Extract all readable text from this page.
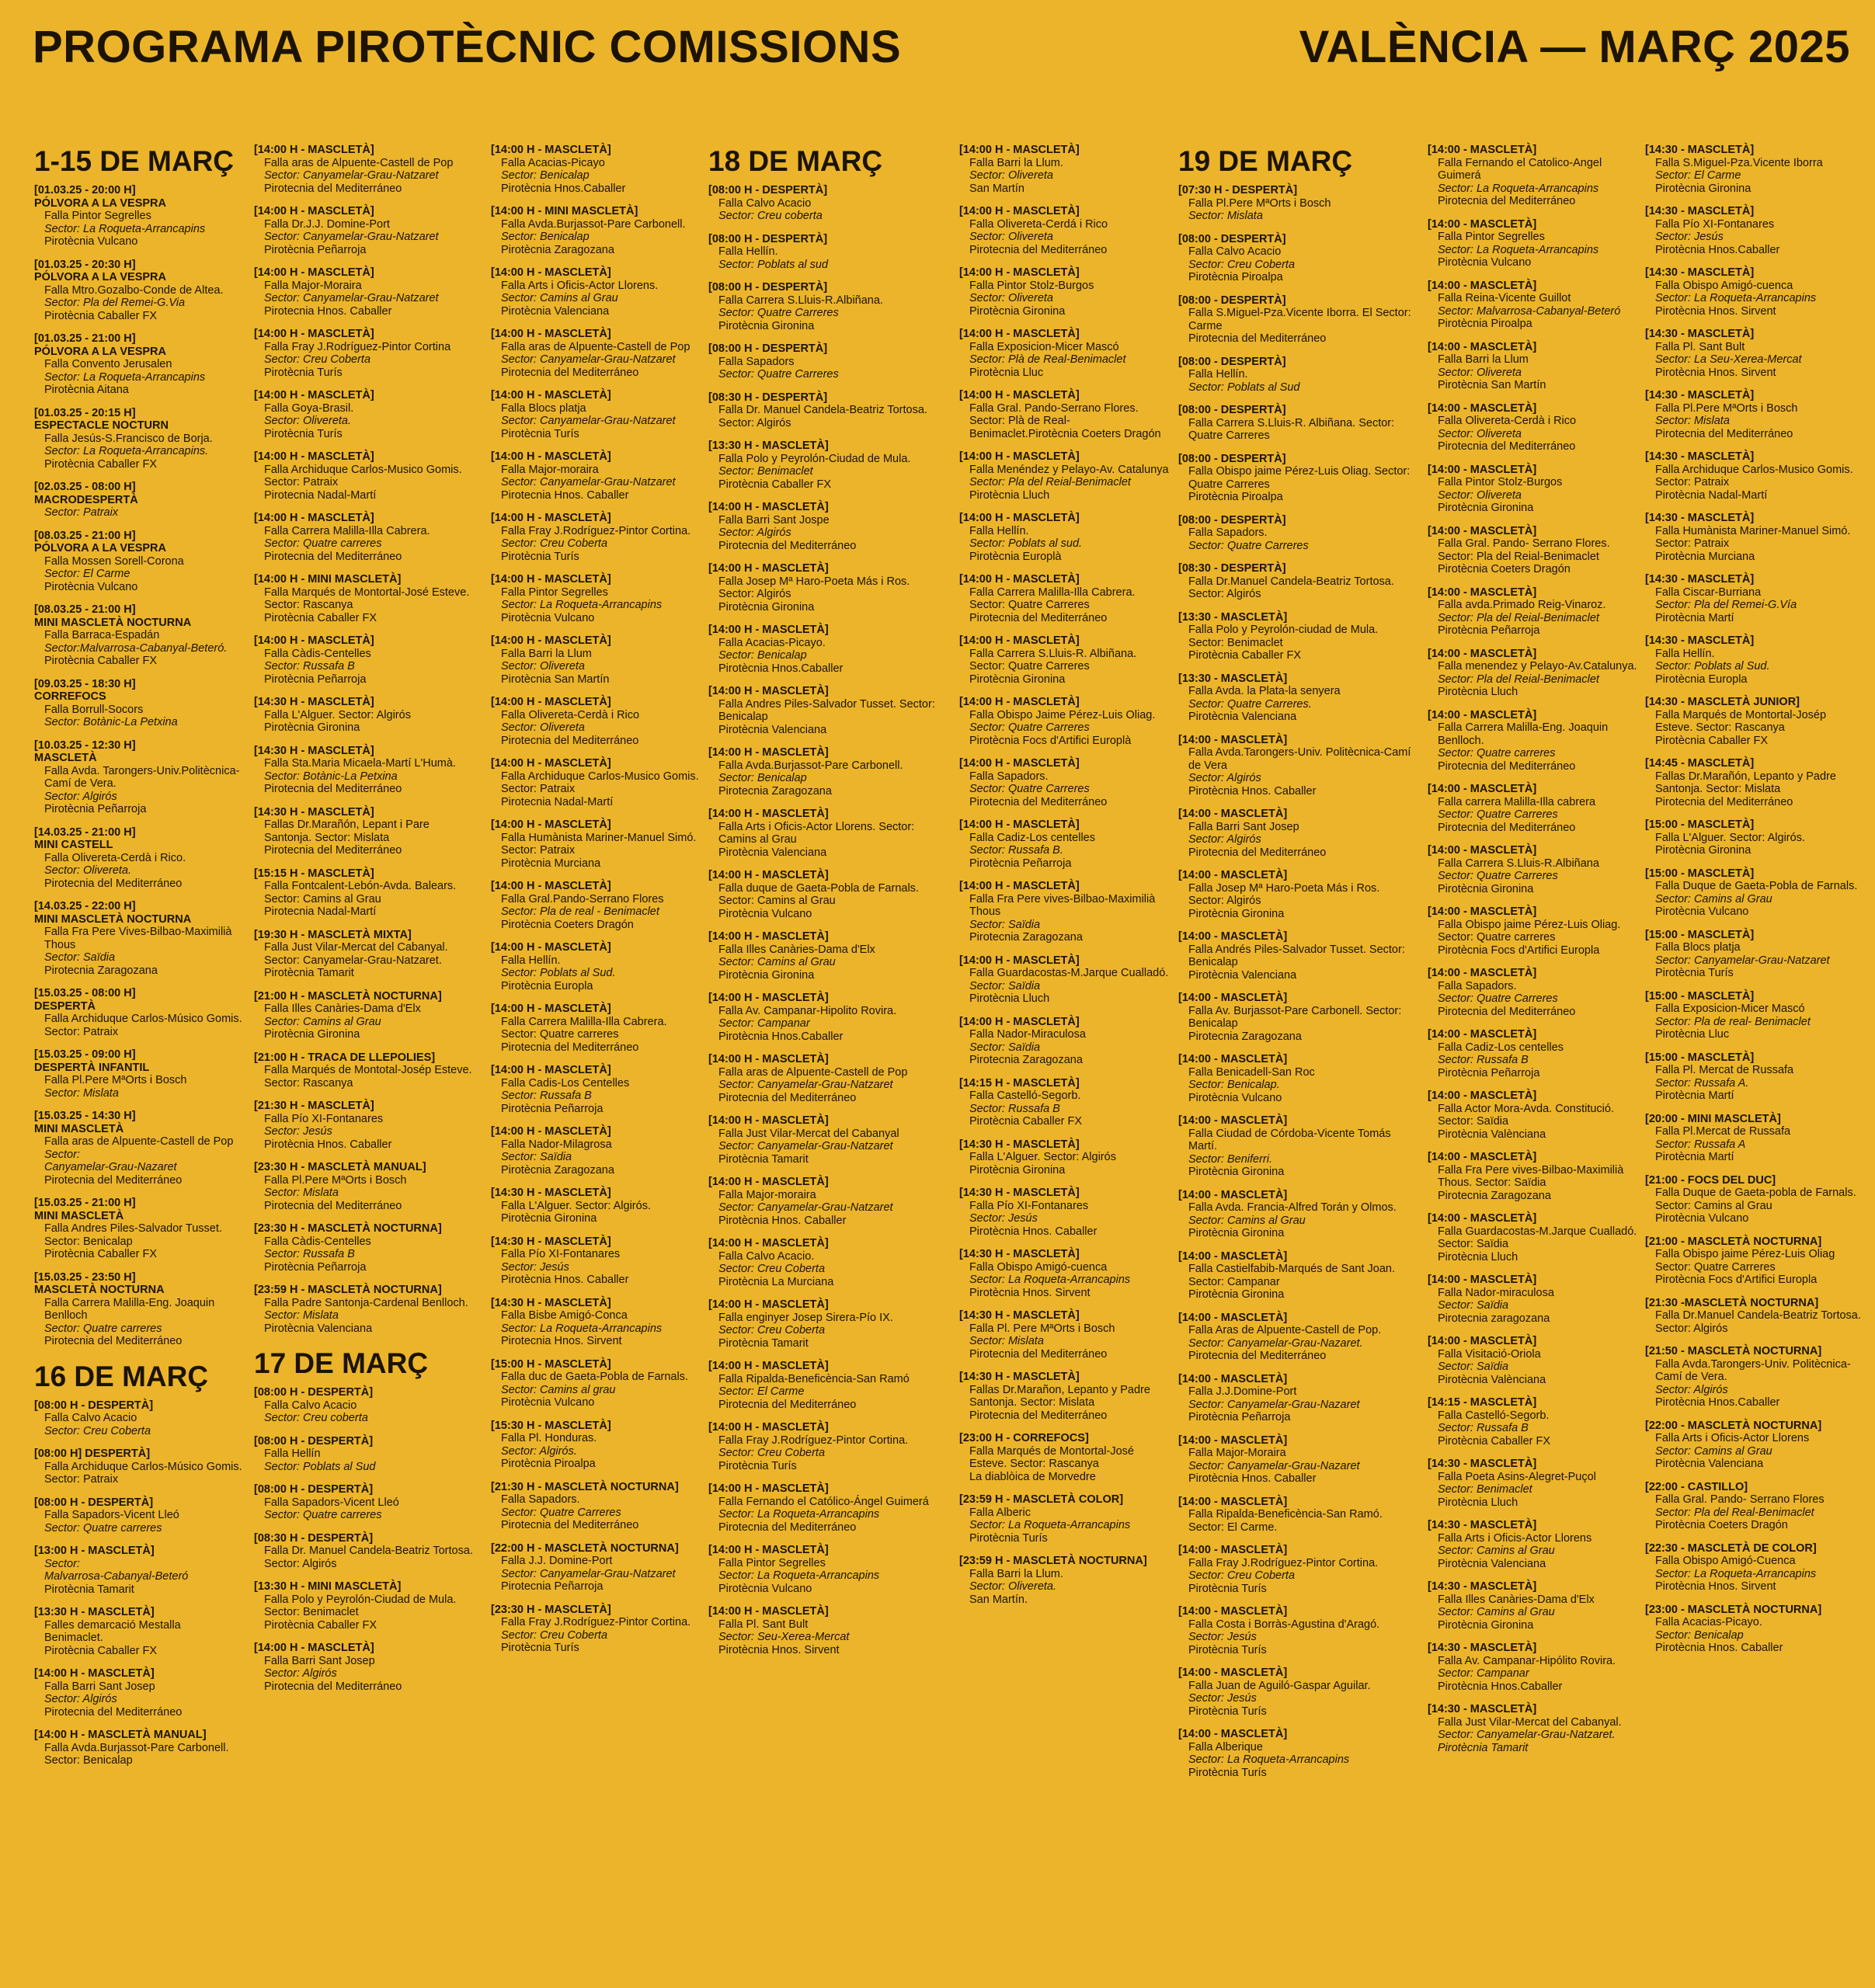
PROGRAMA PIROTÈCNIC COMISSIONS	VALÈNCIA — MARÇ 2025
1-15 DE MARÇ
[01.03.25 - 20:00 H]
PÓLVORA A LA VESPRA
Falla Pintor Segrelles
Sector: La Roqueta-Arrancapins
Pirotècnia Vulcano
[01.03.25 - 20:30 H]
PÓLVORA A LA VESPRA
Falla Mtro.Gozalbo-Conde de Altea.
Sector: Pla del Remei-G.Via
Pirotècnia Caballer FX
[01.03.25 - 21:00 H]
PÓLVORA A LA VESPRA
Falla Convento Jerusalen
Sector: La Roqueta-Arrancapins
Pirotècnia Aitana
[01.03.25 - 20:15 H]
ESPECTACLE NOCTURN
Falla Jesús-S.Francisco de Borja.
Sector: La Roqueta-Arrancapins.
Pirotècnia Caballer FX
[02.03.25 - 08:00 H]
MACRODESPERTÀ
Sector: Patraix
[08.03.25 - 21:00 H]
PÓLVORA A LA VESPRA
Falla Mossen Sorell-Corona
Sector: El Carme
Pirotècnia Vulcano
[08.03.25 - 21:00 H]
MINI MASCLETÀ NOCTURNA
Falla Barraca-Espadán
Sector:Malvarrosa-Cabanyal-Beteró.
Pirotècnia Caballer FX
[09.03.25 - 18:30 H]
CORREFOCS
Falla Borrull-Socors
Sector: Botànic-La Petxina
[10.03.25 - 12:30 H]
MASCLETÀ
Falla Avda. Tarongers-Univ.Politècnica- Camí de Vera.
Sector: Algirós
Pirotècnia Peñarroja
[14.03.25 - 21:00 H]
MINI CASTELL
Falla Olivereta-Cerdà i Rico.
Sector: Olivereta.
Pirotecnia del Mediterráneo
[14.03.25 - 22:00 H]
MINI MASCLETÀ NOCTURNA
Falla Fra Pere Vives-Bilbao-Maximilià Thous
Sector: Saïdia
Pirotecnia Zaragozana
[15.03.25 - 08:00 H]
DESPERTÀ
Falla Archiduque Carlos-Músico Gomis. Sector: Patraix
[15.03.25 - 09:00 H]
DESPERTÀ INFANTIL
Falla Pl.Pere MªOrts i Bosch
Sector: Mislata
[15.03.25 - 14:30 H]
MINI MASCLETÀ
Falla aras de Alpuente-Castell de Pop
Sector:
Canyamelar-Grau-Nazaret
Pirotecnia del Mediterráneo
[15.03.25 - 21:00 H]
MINI MASCLETÀ
Falla Andres Piles-Salvador Tusset. Sector: Benicalap
Pirotècnia Caballer FX
[15.03.25 - 23:50 H]
MASCLETÀ NOCTURNA
Falla Carrera Malilla-Eng. Joaquin Benlloch
Sector: Quatre carreres
Pirotecnia del Mediterráneo
16 DE MARÇ
[08:00 H - DESPERTÀ]
Falla Calvo Acacio
Sector: Creu Coberta
[08:00 H] DESPERTÀ]
Falla Archiduque Carlos-Músico Gomis. Sector: Patraix
[08:00 H - DESPERTÀ]
Falla Sapadors-Vicent Lleó
Sector: Quatre carreres
[13:00 H - MASCLETÀ]
Sector:
Malvarrosa-Cabanyal-Beteró
Pirotècnia Tamarit
[13:30 H - MASCLETÀ]
Falles demarcació Mestalla
Benimaclet.
Pirotècnia Caballer FX
[14:00 H - MASCLETÀ]
Falla Barri Sant Josep
Sector: Algirós
Pirotecnia del Mediterráneo
[14:00 H - MASCLETÀ MANUAL]
Falla Avda.Burjassot-Pare Carbonell. Sector: Benicalap
[14:00 H - MASCLETÀ]
Falla aras de Alpuente-Castell de Pop
Sector: Canyamelar-Grau-Natzaret
Pirotecnia del Mediterráneo
[14:00 H - MASCLETÀ]
Falla Dr.J.J. Domine-Port
Sector: Canyamelar-Grau-Natzaret
Pirotècnia Peñarroja
[14:00 H - MASCLETÀ]
Falla Major-Moraira
Sector: Canyamelar-Grau-Natzaret
Pirotecnia Hnos. Caballer
[14:00 H - MASCLETÀ]
Falla Fray J.Rodríguez-Pintor Cortina
Sector: Creu Coberta
Pirotècnia Turís
[14:00 H - MASCLETÀ]
Falla Goya-Brasil.
Sector: Olivereta.
Pirotècnia Turís
[14:00 H - MASCLETÀ]
Falla Archiduque Carlos-Musico Gomis. Sector: Patraix
Pirotecnia Nadal-Martí
[14:00 H - MASCLETÀ]
Falla Carrera Malilla-Illa Cabrera.
Sector: Quatre carreres
Pirotecnia del Mediterráneo
[14:00 H - MINI MASCLETÀ]
Falla Marqués de Montortal-José Esteve. Sector: Rascanya
Pirotècnia Caballer FX
[14:00 H - MASCLETÀ]
Falla Càdis-Centelles
Sector: Russafa B
Pirotècnia Peñarroja
[14:30 H - MASCLETÀ]
Falla L'Alguer. Sector: Algirós
Pirotècnia Gironina
[14:30 H - MASCLETÀ]
Falla Sta.Maria Micaela-Martí L'Humà.
Sector: Botànic-La Petxina
Pirotecnia del Mediterráneo
[14:30 H - MASCLETÀ]
Fallas Dr.Marañón, Lepant i Pare Santonja. Sector: Mislata
Pirotecnia del Mediterráneo
[15:15 H - MASCLETÀ]
Falla Fontcalent-Lebón-Avda. Balears. Sector: Camins al Grau
Pirotecnia Nadal-Martí
[19:30 H - MASCLETÀ MIXTA]
Falla Just Vilar-Mercat del Cabanyal. Sector: Canyamelar-Grau-Natzaret.
Pirotècnia Tamarit
[21:00 H - MASCLETÀ NOCTURNA]
Falla Illes Canàries-Dama d'Elx
Sector: Camins al Grau
Pirotècnia Gironina
[21:00 H - TRACA DE LLEPOLIES]
Falla Marqués de Montotal-Josép Esteve. Sector: Rascanya
[21:30 H - MASCLETÀ]
Falla Pío XI-Fontanares
Sector: Jesús
Pirotècnia Hnos. Caballer
[23:30 H - MASCLETÀ MANUAL]
Falla Pl.Pere MªOrts i Bosch
Sector: Mislata
Pirotecnia del Mediterráneo
[23:30 H - MASCLETÀ NOCTURNA]
Falla Càdis-Centelles
Sector: Russafa B
Pirotècnia Peñarroja
[23:59 H - MASCLETÀ NOCTURNA]
Falla Padre Santonja-Cardenal Benlloch.
Sector: Mislata
Pirotècnia Valenciana
17 DE MARÇ
[08:00 H - DESPERTÀ]
Falla Calvo Acacio
Sector: Creu coberta
[08:00 H - DESPERTÀ]
Falla Hellín
Sector: Poblats al Sud
[08:00 H - DESPERTÀ]
Falla Sapadors-Vicent Lleó
Sector: Quatre carreres
[08:30 H - DESPERTÀ]
Falla Dr. Manuel Candela-Beatriz Tortosa. Sector: Algirós
[13:30 H - MINI MASCLETÀ]
Falla Polo y Peyrolón-Ciudad de Mula. Sector: Benimaclet
Pirotècnia Caballer FX
[14:00 H - MASCLETÀ]
Falla Barri Sant Josep
Sector: Algirós
Pirotecnia del Mediterráneo
[14:00 H - MASCLETÀ]
Falla Acacias-Picayo
Sector: Benicalap
Pirotècnia Hnos.Caballer
[14:00 H - MINI MASCLETÀ]
Falla Avda.Burjassot-Pare Carbonell.
Sector: Benicalap
Pirotècnia Zaragozana
[14:00 H - MASCLETÀ]
Falla Arts i Oficis-Actor Llorens.
Sector: Camins al Grau
Pirotècnia Valenciana
[14:00 H - MASCLETÀ]
Falla aras de Alpuente-Castell de Pop
Sector: Canyamelar-Grau-Natzaret
Pirotecnia del Mediterráneo
[14:00 H - MASCLETÀ]
Falla Blocs platja
Sector: Canyamelar-Grau-Natzaret
Pirotècnia Turís
[14:00 H - MASCLETÀ]
Falla Major-moraira
Sector: Canyamelar-Grau-Natzaret
Pirotecnia Hnos. Caballer
[14:00 H - MASCLETÀ]
Falla Fray J.Rodríguez-Pintor Cortina.
Sector: Creu Coberta
Pirotècnia Turís
[14:00 H - MASCLETÀ]
Falla Pintor Segrelles
Sector: La Roqueta-Arrancapins
Pirotècnia Vulcano
[14:00 H - MASCLETÀ]
Falla Barri la Llum
Sector: Olivereta
Pirotècnia San Martín
[14:00 H - MASCLETÀ]
Falla Olivereta-Cerdà i Rico
Sector: Olivereta
Pirotecnia del Mediterráneo
[14:00 H - MASCLETÀ]
Falla Archiduque Carlos-Musico Gomis. Sector: Patraix
Pirotecnia Nadal-Martí
[14:00 H - MASCLETÀ]
Falla Humànista Mariner-Manuel Simó. Sector: Patraix
Pirotècnia Murciana
[14:00 H - MASCLETÀ]
Falla Gral.Pando-Serrano Flores
Sector: Pla de real - Benimaclet
Pirotècnia Coeters Dragón
[14:00 H - MASCLETÀ]
Falla Hellín.
Sector: Poblats al Sud.
Pirotècnia Europla
[14:00 H - MASCLETÀ]
Falla Carrera Malilla-Illa Cabrera. Sector: Quatre carreres
Pirotecnia del Mediterráneo
[14:00 H - MASCLETÀ]
Falla Cadis-Los Centelles
Sector: Russafa B
Pirotècnia Peñarroja
[14:00 H - MASCLETÀ]
Falla Nador-Milagrosa
Sector: Saïdia
Pirotècnia Zaragozana
[14:30 H - MASCLETÀ]
Falla L'Alguer. Sector: Algirós.
Pirotècnia Gironina
[14:30 H - MASCLETÀ]
Falla Pío XI-Fontanares
Sector: Jesús
Pirotècnia Hnos. Caballer
[14:30 H - MASCLETÀ]
Falla Bisbe Amigó-Conca
Sector: La Roqueta-Arrancapins
Pirotecnia Hnos. Sirvent
[15:00 H - MASCLETÀ]
Falla duc de Gaeta-Pobla de Farnals.
Sector: Camins al grau
Pirotècnia Vulcano
[15:30 H - MASCLETÀ]
Falla Pl. Honduras.
Sector: Algirós.
Pirotècnia Piroalpa
[21:30 H - MASCLETÀ NOCTURNA]
Falla Sapadors.
Sector: Quatre Carreres
Pirotecnia del Mediterráneo
[22:00 H - MASCLETÀ NOCTURNA]
Falla J.J. Domine-Port
Sector: Canyamelar-Grau-Natzaret
Pirotecnia Peñarroja
[23:30 H - MASCLETÀ]
Falla Fray J.Rodríguez-Pintor Cortina.
Sector: Creu Coberta
Pirotècnia Turís
18 DE MARÇ
[08:00 H - DESPERTÀ]
Falla Calvo Acacio
Sector: Creu coberta
[08:00 H - DESPERTÀ]
Falla Hellín.
Sector: Poblats al sud
[08:00 H - DESPERTÀ]
Falla Carrera S.Lluis-R.Albiñana.
Sector: Quatre Carreres
Pirotècnia Gironina
[08:00 H - DESPERTÀ]
Falla Sapadors
Sector: Quatre Carreres
[08:30 H - DESPERTÀ]
Falla Dr. Manuel Candela-Beatriz Tortosa. Sector: Algirós
[13:30 H - MASCLETÀ]
Falla Polo y Peyrolón-Ciudad de Mula.
Sector: Benimaclet
Pirotècnia Caballer FX
[14:00 H - MASCLETÀ]
Falla Barri Sant Jospe
Sector: Algirós
Pirotecnia del Mediterráneo
[14:00 H - MASCLETÀ]
Falla Josep Mª Haro-Poeta Más i Ros. Sector: Algirós
Pirotècnia Gironina
[14:00 H - MASCLETÀ]
Falla Acacias-Picayo.
Sector: Benicalap
Pirotècnia Hnos.Caballer
[14:00 H - MASCLETÀ]
Falla Andres Piles-Salvador Tusset. Sector: Benicalap
Pirotècnia Valenciana
[14:00 H - MASCLETÀ]
Falla Avda.Burjassot-Pare Carbonell.
Sector: Benicalap
Pirotecnia Zaragozana
[14:00 H - MASCLETÀ]
Falla Arts i Oficis-Actor Llorens. Sector: Camins al Grau
Pirotècnia Valenciana
[14:00 H - MASCLETÀ]
Falla duque de Gaeta-Pobla de Farnals. Sector: Camins al Grau
Pirotècnia Vulcano
[14:00 H - MASCLETÀ]
Falla Illes Canàries-Dama d'Elx
Sector: Camins al Grau
Pirotècnia Gironina
[14:00 H - MASCLETÀ]
Falla Av. Campanar-Hipolito Rovira.
Sector: Campanar
Pirotècnia Hnos.Caballer
[14:00 H - MASCLETÀ]
Falla aras de Alpuente-Castell de Pop
Sector: Canyamelar-Grau-Natzaret
Pirotecnia del Mediterráneo
[14:00 H - MASCLETÀ]
Falla Just Vilar-Mercat del Cabanyal
Sector: Canyamelar-Grau-Natzaret
Pirotècnia Tamarit
[14:00 H - MASCLETÀ]
Falla Major-moraira
Sector: Canyamelar-Grau-Natzaret
Pirotècnia Hnos. Caballer
[14:00 H - MASCLETÀ]
Falla Calvo Acacio.
Sector: Creu Coberta
Pirotècnia La Murciana
[14:00 H - MASCLETÀ]
Falla enginyer Josep Sirera-Pío IX.
Sector: Creu Coberta
Pirotècnia Tamarit
[14:00 H - MASCLETÀ]
Falla Ripalda-Beneficència-San Ramó
Sector: El Carme
Pirotecnia del Mediterráneo
[14:00 H - MASCLETÀ]
Falla Fray J.Rodríguez-Pintor Cortina.
Sector: Creu Coberta
Pirotècnia Turís
[14:00 H - MASCLETÀ]
Falla Fernando el Católico-Ángel Guimerá
Sector: La Roqueta-Arrancapins
Pirotecnia del Mediterráneo
[14:00 H - MASCLETÀ]
Falla Pintor Segrelles
Sector: La Roqueta-Arrancapins
Pirotècnia Vulcano
[14:00 H - MASCLETÀ]
Falla Pl. Sant Bult
Sector: Seu-Xerea-Mercat
Pirotècnia Hnos. Sirvent
[14:00 H - MASCLETÀ]
Falla Barri la Llum.
Sector: Olivereta
San Martín
[14:00 H - MASCLETÀ]
Falla Olivereta-Cerdá i Rico
Sector: Olivereta
Pirotecnia del Mediterráneo
[14:00 H - MASCLETÀ]
Falla Pintor Stolz-Burgos
Sector: Olivereta
Pirotècnia Gironina
[14:00 H - MASCLETÀ]
Falla Exposicion-Micer Mascó
Sector: Plà de Real-Benimaclet
Pirotècnia Lluc
[14:00 H - MASCLETÀ]
Falla Gral. Pando-Serrano Flores. Sector: Plà de Real-Benimaclet.Pirotècnia Coeters Dragón
[14:00 H - MASCLETÀ]
Falla Menéndez y Pelayo-Av. Catalunya
Sector: Pla del Reial-Benimaclet
Pirotècnia Lluch
[14:00 H - MASCLETÀ]
Falla Hellín.
Sector: Poblats al sud.
Pirotècnia Europlà
[14:00 H - MASCLETÀ]
Falla Carrera Malilla-Illa Cabrera. Sector: Quatre Carreres
Pirotecnia del Mediterráneo
[14:00 H - MASCLETÀ]
Falla Carrera S.Lluis-R. Albiñana. Sector: Quatre Carreres
Pirotècnia Gironina
[14:00 H - MASCLETÀ]
Falla Obispo Jaime Pérez-Luis Oliag.
Sector: Quatre Carreres
Pirotècnia Focs d'Artifici Europlà
[14:00 H - MASCLETÀ]
Falla Sapadors.
Sector: Quatre Carreres
Pirotecnia del Mediterráneo
[14:00 H - MASCLETÀ]
Falla Cadiz-Los centelles
Sector: Russafa B.
Pirotècnia Peñarroja
[14:00 H - MASCLETÀ]
Falla Fra Pere vives-Bilbao-Maximilià Thous
Sector: Saïdia
Pirotecnia Zaragozana
[14:00 H - MASCLETÀ]
Falla Guardacostas-M.Jarque Cualladó.
Sector: Saïdia
Pirotècnia Lluch
[14:00 H - MASCLETÀ]
Falla Nador-Miraculosa
Sector: Saïdia
Pirotecnia Zaragozana
[14:15 H - MASCLETÀ]
Falla Castelló-Segorb.
Sector: Russafa B
Pirotècnia Caballer FX
[14:30 H - MASCLETÀ]
Falla L'Alguer. Sector: Algirós
Pirotècnia Gironina
[14:30 H - MASCLETÀ]
Falla Pío XI-Fontanares
Sector: Jesús
Pirotècnia Hnos. Caballer
[14:30 H - MASCLETÀ]
Falla Obispo Amigó-cuenca
Sector: La Roqueta-Arrancapins
Pirotècnia Hnos. Sirvent
[14:30 H - MASCLETÀ]
Falla Pl. Pere MªOrts i Bosch
Sector: Mislata
Pirotecnia del Mediterráneo
[14:30 H - MASCLETÀ]
Fallas Dr.Marañon, Lepanto y Padre Santonja. Sector: Mislata
Pirotecnia del Mediterráneo
[23:00 H - CORREFOCS]
Falla Marqués de Montortal-José Esteve. Sector: Rascanya
La diablòica de Morvedre
[23:59 H - MASCLETÀ COLOR]
Falla Alberic
Sector: La Roqueta-Arrancapins
Pirotècnia Turís
[23:59 H - MASCLETÀ NOCTURNA]
Falla Barri la Llum.
Sector: Olivereta.
San Martín.
19 DE MARÇ
[07:30 H - DESPERTÀ]
Falla Pl.Pere MªOrts i Bosch
Sector: Mislata
[08:00 - DESPERTÀ]
Falla Calvo Acacio
Sector: Creu Coberta
Pirotècnia Piroalpa
[08:00 - DESPERTÀ]
Falla S.Miguel-Pza.Vicente Iborra. El Sector: Carme
Pirotecnia del Mediterráneo
[08:00 - DESPERTÀ]
Falla Hellín.
Sector: Poblats al Sud
[08:00 - DESPERTÀ]
Falla Carrera S.Lluis-R. Albiñana. Sector: Quatre Carreres
[08:00 - DESPERTÀ]
Falla Obispo jaime Pérez-Luis Oliag. Sector: Quatre Carreres
Pirotècnia Piroalpa
[08:00 - DESPERTÀ]
Falla Sapadors.
Sector: Quatre Carreres
[08:30 - DESPERTÀ]
Falla Dr.Manuel Candela-Beatriz Tortosa. Sector: Algirós
[13:30 - MASCLETÀ]
Falla Polo y Peyrolón-ciudad de Mula. Sector: Benimaclet
Pirotècnia Caballer FX
[13:30 - MASCLETÀ]
Falla Avda. la Plata-la senyera
Sector: Quatre Carreres.
Pirotècnia Valenciana
[14:00 - MASCLETÀ]
Falla Avda.Tarongers-Univ. Politècnica-Camí de Vera
Sector: Algirós
Pirotècnia Hnos. Caballer
[14:00 - MASCLETÀ]
Falla Barri Sant Josep
Sector: Algirós
Pirotecnia del Mediterráneo
[14:00 - MASCLETÀ]
Falla Josep Mª Haro-Poeta Más i Ros. Sector: Algirós
Pirotècnia Gironina
[14:00 - MASCLETÀ]
Falla Andrés Piles-Salvador Tusset. Sector: Benicalap
Pirotècnia Valenciana
[14:00 - MASCLETÀ]
Falla Av. Burjassot-Pare Carbonell. Sector: Benicalap
Pirotecnia Zaragozana
[14:00 - MASCLETÀ]
Falla Benicadell-San Roc
Sector: Benicalap.
Pirotècnia Vulcano
[14:00 - MASCLETÀ]
Falla Ciudad de Córdoba-Vicente Tomás Martí.
Sector: Beniferri.
Pirotècnia Gironina
[14:00 - MASCLETÀ]
Falla Avda. Francia-Alfred Torán y Olmos.
Sector: Camins al Grau
Pirotècnia Gironina
[14:00 - MASCLETÀ]
Falla Castielfabib-Marqués de Sant Joan. Sector: Campanar
Pirotècnia Gironina
[14:00 - MASCLETÀ]
Falla Aras de Alpuente-Castell de Pop.
Sector: Canyamelar-Grau-Nazaret.
Pirotecnia del Mediterráneo
[14:00 - MASCLETÀ]
Falla J.J.Domine-Port
Sector: Canyamelar-Grau-Nazaret
Pirotècnia Peñarroja
[14:00 - MASCLETÀ]
Falla Major-Moraira
Sector: Canyamelar-Grau-Nazaret
Pirotècnia Hnos. Caballer
[14:00 - MASCLETÀ]
Falla Ripalda-Beneficència-San Ramó. Sector: El Carme.
[14:00 - MASCLETÀ]
Falla Fray J.Rodríguez-Pintor Cortina.
Sector: Creu Coberta
Pirotècnia Turís
[14:00 - MASCLETÀ]
Falla Costa i Borràs-Agustina d'Aragó.
Sector: Jesús
Pirotècnia Turís
[14:00 - MASCLETÀ]
Falla Juan de Aguiló-Gaspar Aguilar.
Sector: Jesús
Pirotècnia Turís
[14:00 - MASCLETÀ]
Falla Alberique
Sector: La Roqueta-Arrancapins
Pirotècnia Turís
[14:00 - MASCLETÀ]
Falla Fernando el Catolico-Angel Guimerá
Sector: La Roqueta-Arrancapins
Pirotecnia del Mediterráneo
[14:00 - MASCLETÀ]
Falla Pintor Segrelles
Sector: La Roqueta-Arrancapins
Pirotècnia Vulcano
[14:00 - MASCLETÀ]
Falla Reina-Vicente Guillot
Sector: Malvarrosa-Cabanyal-Beteró
Pirotècnia Piroalpa
[14:00 - MASCLETÀ]
Falla Barri la Llum
Sector: Olivereta
Pirotècnia San Martín
[14:00 - MASCLETÀ]
Falla Olivereta-Cerdà i Rico
Sector: Olivereta
Pirotecnia del Mediterráneo
[14:00 - MASCLETÀ]
Falla Pintor Stolz-Burgos
Sector: Olivereta
Pirotècnia Gironina
[14:00 - MASCLETÀ]
Falla Gral. Pando- Serrano Flores. Sector: Pla del Reial-Benimaclet
Pirotècnia Coeters Dragón
[14:00 - MASCLETÀ]
Falla avda.Primado Reig-Vinaroz.
Sector: Pla del Reial-Benimaclet
Pirotècnia Peñarroja
[14:00 - MASCLETÀ]
Falla menendez y Pelayo-Av.Catalunya.
Sector: Pla del Reial-Benimaclet
Pirotècnia Lluch
[14:00 - MASCLETÀ]
Falla Carrera Malilla-Eng. Joaquin Benlloch.
Sector: Quatre carreres
Pirotecnia del Mediterráneo
[14:00 - MASCLETÀ]
Falla carrera Malilla-Illa cabrera
Sector: Quatre Carreres
Pirotecnia del Mediterráneo
[14:00 - MASCLETÀ]
Falla Carrera S.Lluis-R.Albiñana
Sector: Quatre Carreres
Pirotècnia Gironina
[14:00 - MASCLETÀ]
Falla Obispo jaime Pérez-Luis Oliag. Sector: Quatre carreres
Pirotècnia Focs d'Artifici Europla
[14:00 - MASCLETÀ]
Falla Sapadors.
Sector: Quatre Carreres
Pirotecnia del Mediterráneo
[14:00 - MASCLETÀ]
Falla Cadiz-Los centelles
Sector: Russafa B
Pirotècnia Peñarroja
[14:00 - MASCLETÀ]
Falla Actor Mora-Avda. Constitució. Sector: Saïdia
Pirotècnia Valènciana
[14:00 - MASCLETÀ]
Falla Fra Pere vives-Bilbao-Maximilià Thous. Sector: Saïdia
Pirotecnia Zaragozana
[14:00 - MASCLETÀ]
Falla Guardacostas-M.Jarque Cualladó. Sector: Saïdia
Pirotècnia Lluch
[14:00 - MASCLETÀ]
Falla Nador-miraculosa
Sector: Saïdia
Pirotecnia zaragozana
[14:00 - MASCLETÀ]
Falla Visitació-Oriola
Sector: Saïdia
Pirotècnia Valènciana
[14:15 - MASCLETÀ]
Falla Castelló-Segorb.
Sector: Russafa B
Pirotècnia Caballer FX
[14:30 - MASCLETÀ]
Falla Poeta Asins-Alegret-Puçol
Sector: Benimaclet
Pirotècnia Lluch
[14:30 - MASCLETÀ]
Falla Arts i Oficis-Actor Llorens
Sector: Camins al Grau
Pirotècnia Valenciana
[14:30 - MASCLETÀ]
Falla Illes Canàries-Dama d'Elx
Sector: Camins al Grau
Pirotècnia Gironina
[14:30 - MASCLETÀ]
Falla Av. Campanar-Hipólito Rovira.
Sector: Campanar
Pirotècnia Hnos.Caballer
[14:30 - MASCLETÀ]
Falla Just Vilar-Mercat del Cabanyal.
Sector: Canyamelar-Grau-Natzaret. Pirotècnia Tamarit
[14:30 - MASCLETÀ]
Falla S.Miguel-Pza.Vicente Iborra
Sector: El Carme
Pirotècnia Gironina
[14:30 - MASCLETÀ]
Falla Pío XI-Fontanares
Sector: Jesús
Pirotècnia Hnos.Caballer
[14:30 - MASCLETÀ]
Falla Obispo Amigó-cuenca
Sector: La Roqueta-Arrancapins
Pirotècnia Hnos. Sirvent
[14:30 - MASCLETÀ]
Falla Pl. Sant Bult
Sector: La Seu-Xerea-Mercat
Pirotècnia Hnos. Sirvent
[14:30 - MASCLETÀ]
Falla Pl.Pere MªOrts i Bosch
Sector: Mislata
Pirotecnia del Mediterráneo
[14:30 - MASCLETÀ]
Falla Archiduque Carlos-Musico Gomis. Sector: Patraix
Pirotècnia Nadal-Martí
[14:30 - MASCLETÀ]
Falla Humànista Mariner-Manuel Simó. Sector: Patraix
Pirotècnia Murciana
[14:30 - MASCLETÀ]
Falla Ciscar-Burriana
Sector: Pla del Remei-G.Vía
Pirotècnia Martí
[14:30 - MASCLETÀ]
Falla Hellín.
Sector: Poblats al Sud.
Pirotècnia Europla
[14:30 - MASCLETÀ JUNIOR]
Falla Marqués de Montortal-Josép Esteve. Sector: Rascanya
Pirotècnia Caballer FX
[14:45 - MASCLETÀ]
Fallas Dr.Marañón, Lepanto y Padre Santonja. Sector: Mislata
Pirotecnia del Mediterráneo
[15:00 - MASCLETÀ]
Falla L'Alguer. Sector: Algirós.
Pirotècnia Gironina
[15:00 - MASCLETÀ]
Falla Duque de Gaeta-Pobla de Farnals.
Sector: Camins al Grau
Pirotècnia Vulcano
[15:00 - MASCLETÀ]
Falla Blocs platja
Sector: Canyamelar-Grau-Natzaret
Pirotècnia Turís
[15:00 - MASCLETÀ]
Falla Exposicion-Micer Mascó
Sector: Pla de real- Benimaclet
Pirotècnia Lluc
[15:00 - MASCLETÀ]
Falla Pl. Mercat de Russafa
Sector: Russafa A.
Pirotècnia Martí
[20:00 - MINI MASCLETÀ]
Falla Pl.Mercat de Russafa
Sector: Russafa A
Pirotècnia Martí
[21:00 - FOCS DEL DUC]
Falla Duque de Gaeta-pobla de Farnals. Sector: Camins al Grau
Pirotècnia Vulcano
[21:00 - MASCLETÀ NOCTURNA]
Falla Obispo jaime Pérez-Luis Oliag Sector: Quatre Carreres
Pirotècnia Focs d'Artifici Europla
[21:30 -MASCLETÀ NOCTURNA]
Falla Dr.Manuel Candela-Beatriz Tortosa. Sector: Algirós
[21:50 - MASCLETÀ NOCTURNA]
Falla Avda.Tarongers-Univ. Politècnica-Camí de Vera.
Sector: Algirós
Pirotècnia Hnos.Caballer
[22:00 - MASCLETÀ NOCTURNA]
Falla Arts i Oficis-Actor Llorens
Sector: Camins al Grau
Pirotècnia Valenciana
[22:00 - CASTILLO]
Falla Gral. Pando- Serrano Flores
Sector: Pla del Real-Benimaclet
Pirotècnia Coeters Dragón
[22:30 - MASCLETÀ DE COLOR]
Falla Obispo Amigó-Cuenca
Sector: La Roqueta-Arrancapins
Pirotècnia Hnos. Sirvent
[23:00 - MASCLETÀ NOCTURNA]
Falla Acacias-Picayo.
Sector: Benicalap
Pirotècnia Hnos. Caballer
